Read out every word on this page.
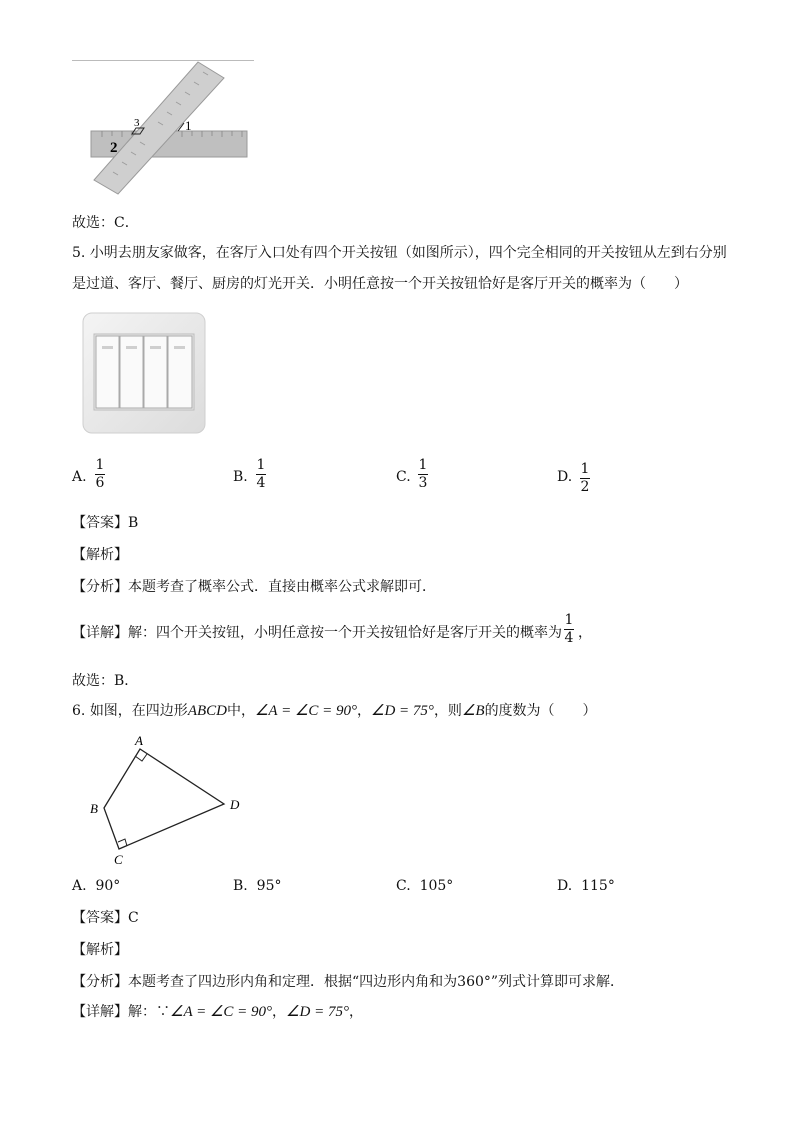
3	1
2
故选：C．
5. 小明去朋友家做客，在客厅入口处有四个开关按钮（如图所示），四个完全相同的开关按钮从左到右分别
是过道、客厅、餐厅、厨房的灯光开关．小明任意按一个开关按钮恰好是客厅开关的概率为（　　）
A.
1
6	B.
1
4	C.
1
3	D. 1
2
【答案】B
【解析】
【分析】本题考查了概率公式．直接由概率公式求解即可．
【详解】解：四个开关按钮，小明任意按一个开关按钮恰好是客厅开关的概率为
1
4 ，
故选：B．
6. 如图，在四边形ABCD中，∠A = ∠C = 90°，∠D = 75°，则∠B的度数为（　　）
A
B
C
D
A. 90°	B. 95°	C. 105°	D. 115°
【答案】C
【解析】
【分析】本题考查了四边形内角和定理．根据“四边形内角和为360°”列式计算即可求解．
【详解】解：∵∠A = ∠C = 90°，∠D = 75°，
